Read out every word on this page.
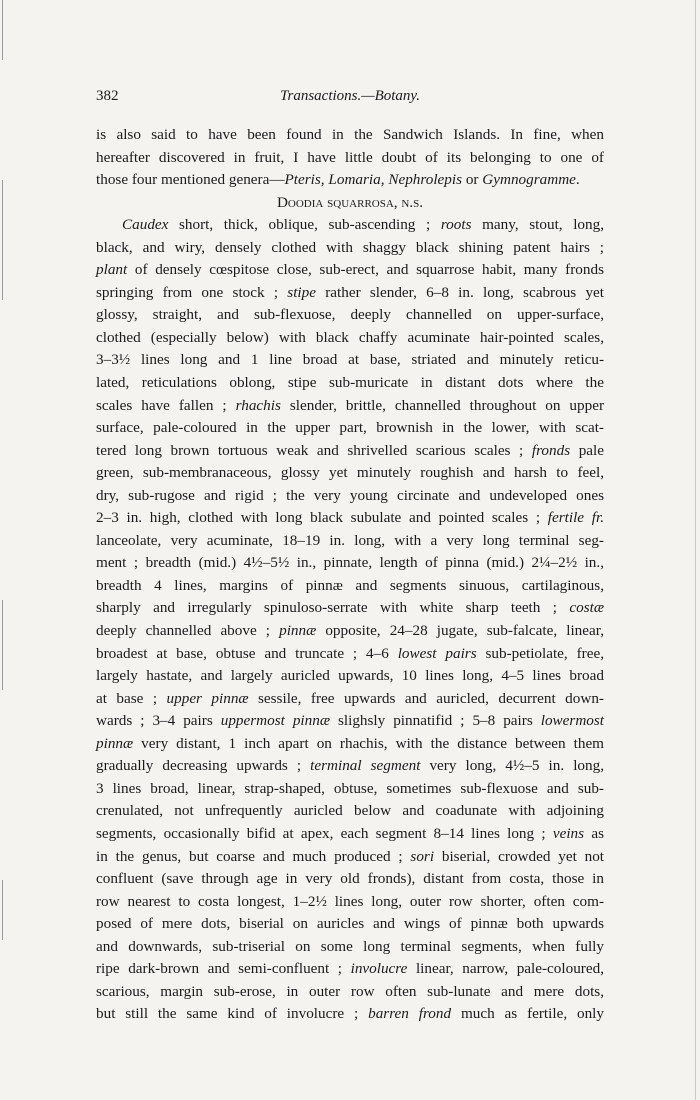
382	Transactions.—Botany.
is also said to have been found in the Sandwich Islands. In fine, when
hereafter discovered in fruit, I have little doubt of its belonging to one of
those four mentioned genera—Pteris, Lomaria, Nephrolepis or Gymnogramme.
Doodia squarrosa, n.s.
Caudex short, thick, oblique, sub-ascending ; roots many, stout, long,
black, and wiry, densely clothed with shaggy black shining patent hairs ;
plant of densely cœspitose close, sub-erect, and squarrose habit, many fronds
springing from one stock ; stipe rather slender, 6–8 in. long, scabrous yet
glossy, straight, and sub-flexuose, deeply channelled on upper-surface,
clothed (especially below) with black chaffy acuminate hair-pointed scales,
3–3½ lines long and 1 line broad at base, striated and minutely reticu-
lated, reticulations oblong, stipe sub-muricate in distant dots where the
scales have fallen ; rhachis slender, brittle, channelled throughout on upper
surface, pale-coloured in the upper part, brownish in the lower, with scat-
tered long brown tortuous weak and shrivelled scarious scales ; fronds pale
green, sub-membranaceous, glossy yet minutely roughish and harsh to feel,
dry, sub-rugose and rigid ; the very young circinate and undeveloped ones
2–3 in. high, clothed with long black subulate and pointed scales ; fertile fr.
lanceolate, very acuminate, 18–19 in. long, with a very long terminal seg-
ment ; breadth (mid.) 4½–5½ in., pinnate, length of pinna (mid.) 2¼–2½ in.,
breadth 4 lines, margins of pinnæ and segments sinuous, cartilaginous,
sharply and irregularly spinuloso-serrate with white sharp teeth ; costæ
deeply channelled above ; pinnæ opposite, 24–28 jugate, sub-falcate, linear,
broadest at base, obtuse and truncate ; 4–6 lowest pairs sub-petiolate, free,
largely hastate, and largely auricled upwards, 10 lines long, 4–5 lines broad
at base ; upper pinnæ sessile, free upwards and auricled, decurrent down-
wards ; 3–4 pairs uppermost pinnæ slighsly pinnatifid ; 5–8 pairs lowermost
pinnæ very distant, 1 inch apart on rhachis, with the distance between them
gradually decreasing upwards ; terminal segment very long, 4½–5 in. long,
3 lines broad, linear, strap-shaped, obtuse, sometimes sub-flexuose and sub-
crenulated, not unfrequently auricled below and coadunate with adjoining
segments, occasionally bifid at apex, each segment 8–14 lines long ; veins as
in the genus, but coarse and much produced ; sori biserial, crowded yet not
confluent (save through age in very old fronds), distant from costa, those in
row nearest to costa longest, 1–2½ lines long, outer row shorter, often com-
posed of mere dots, biserial on auricles and wings of pinnæ both upwards
and downwards, sub-triserial on some long terminal segments, when fully
ripe dark-brown and semi-confluent ; involucre linear, narrow, pale-coloured,
scarious, margin sub-erose, in outer row often sub-lunate and mere dots,
but still the same kind of involucre ; barren frond much as fertile, only
